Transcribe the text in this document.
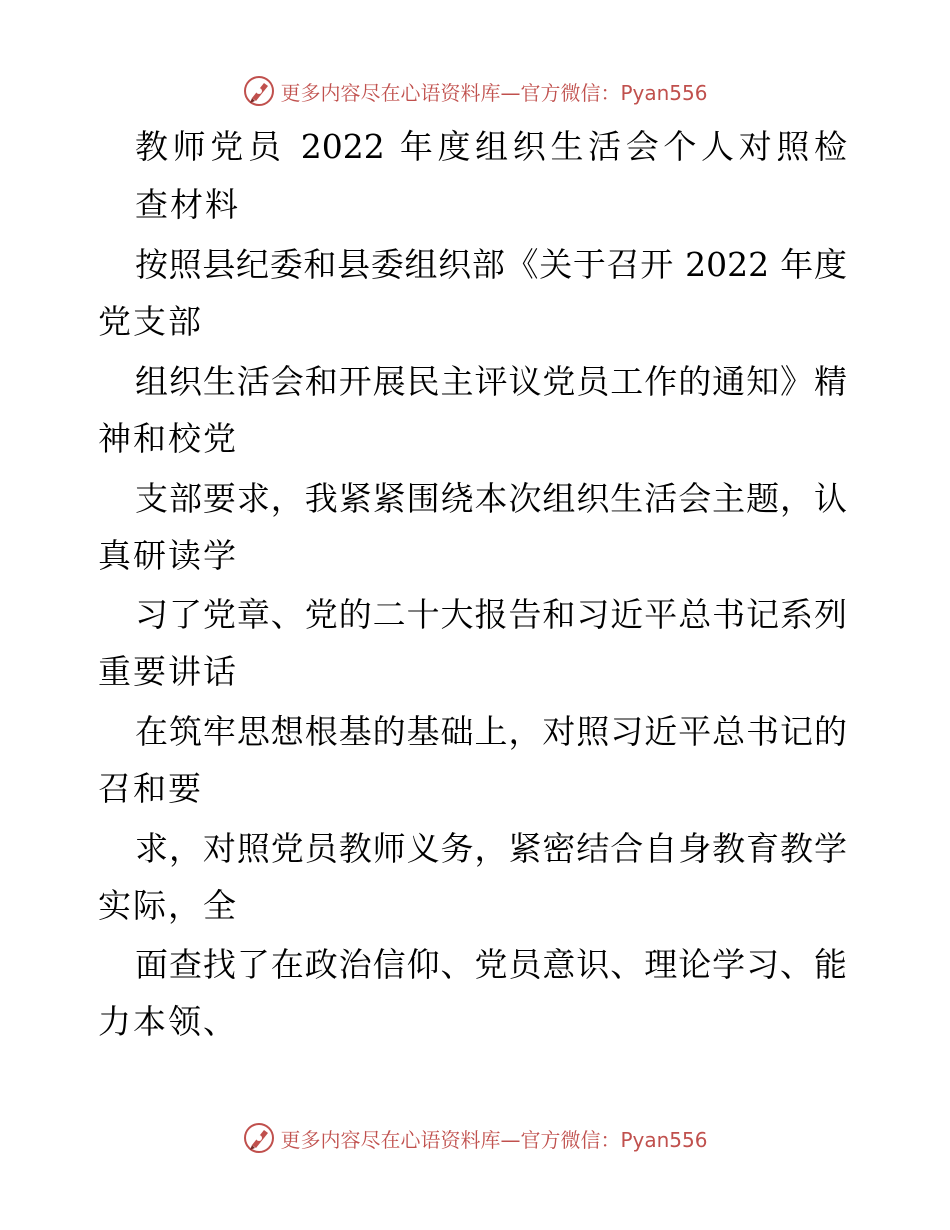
更多内容尽在心语资料库—官方微信：Pyan556
教师党员 2022 年度组织生活会个人对照检
查材料
按照县纪委和县委组织部《关于召开 2022 年度
党支部
组织生活会和开展民主评议党员工作的通知》精
神和校党
支部要求，我紧紧围绕本次组织生活会主题，认
真研读学
习了党章、党的二十大报告和习近平总书记系列
重要讲话
在筑牢思想根基的基础上，对照习近平总书记的
召和要
求，对照党员教师义务，紧密结合自身教育教学
实际，全
面查找了在政治信仰、党员意识、理论学习、能
力本领、
更多内容尽在心语资料库—官方微信：Pyan556
